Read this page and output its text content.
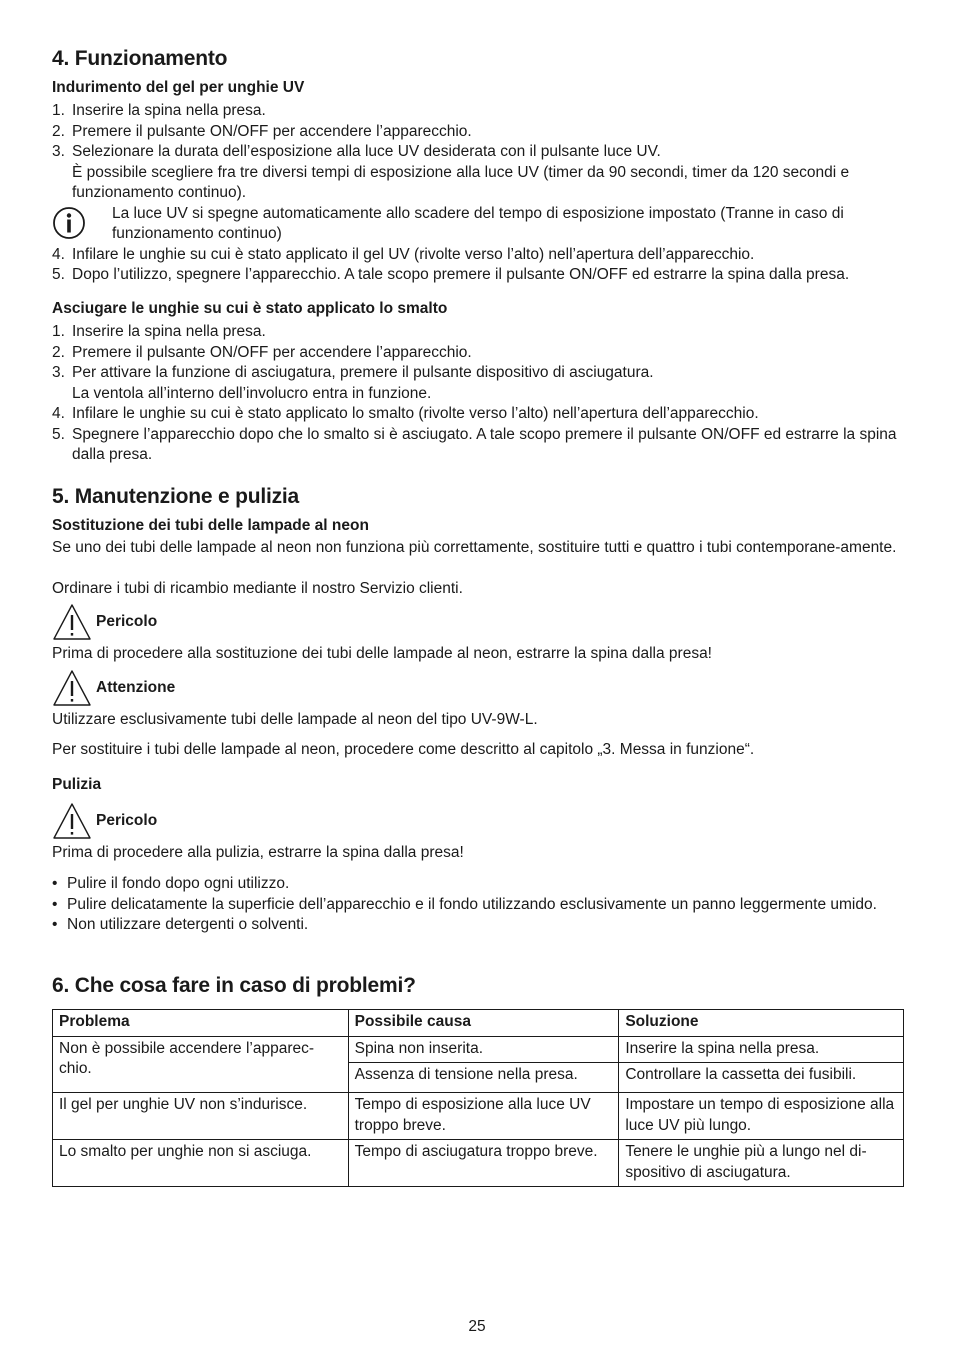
4. Funzionamento
Indurimento del gel per unghie UV
1. Inserire la spina nella presa.
2. Premere il pulsante ON/OFF per accendere l’apparecchio.
3. Selezionare la durata dell’esposizione alla luce UV desiderata con il pulsante luce UV.
È possibile scegliere fra tre diversi tempi di esposizione alla luce UV (timer da 90 secondi, timer da 120 secondi e funzionamento continuo).
La luce UV si spegne automaticamente allo scadere del tempo di esposizione impostato (Tranne in caso di funzionamento continuo)
4. Infilare le unghie su cui è stato applicato il gel UV (rivolte verso l’alto) nell’apertura dell’apparecchio.
5. Dopo l’utilizzo, spegnere l’apparecchio. A tale scopo premere il pulsante ON/OFF ed estrarre la spina dalla presa.
Asciugare le unghie su cui è stato applicato lo smalto
1. Inserire la spina nella presa.
2. Premere il pulsante ON/OFF per accendere l’apparecchio.
3. Per attivare la funzione di asciugatura, premere il pulsante dispositivo di asciugatura.
La ventola all’interno dell’involucro entra in funzione.
4. Infilare le unghie su cui è stato applicato lo smalto (rivolte verso l’alto) nell’apertura dell’apparecchio.
5. Spegnere l’apparecchio dopo che lo smalto si è asciugato. A tale scopo premere il pulsante ON/OFF ed estrarre la spina dalla presa.
5. Manutenzione e pulizia
Sostituzione dei tubi delle lampade al neon

Se uno dei tubi delle lampade al neon non funziona più correttamente, sostituire tutti e quattro i tubi contemporane-amente.

Ordinare i tubi di ricambio mediante il nostro Servizio clienti.

Pericolo

Prima di procedere alla sostituzione dei tubi delle lampade al neon, estrarre la spina dalla presa!

Attenzione

Utilizzare esclusivamente tubi delle lampade al neon del tipo UV-9W-L.

Per sostituire i tubi delle lampade al neon, procedere come descritto al capitolo „3. Messa in funzione“.

Pulizia
Pericolo

Prima di procedere alla pulizia, estrarre la spina dalla presa!

• Pulire il fondo dopo ogni utilizzo.
• Pulire delicatamente la superficie dell’apparecchio e il fondo utilizzando esclusivamente un panno leggermente umido.
• Non utilizzare detergenti o solventi.
6. Che cosa fare in caso di problemi?
Problema	Possibile causa	Soluzione
Non è possibile accendere l’apparec-chio.	Spina non inserita.	Inserire la spina nella presa.
	Assenza di tensione nella presa.	Controllare la cassetta dei fusibili.
Il gel per unghie UV non s’indurisce.	Tempo di esposizione alla luce UV troppo breve.	Impostare un tempo di esposizione alla luce UV più lungo.
Lo smalto per unghie non si asciuga.	Tempo di asciugatura troppo breve.	Tenere le unghie più a lungo nel di-spositivo di asciugatura.
25
